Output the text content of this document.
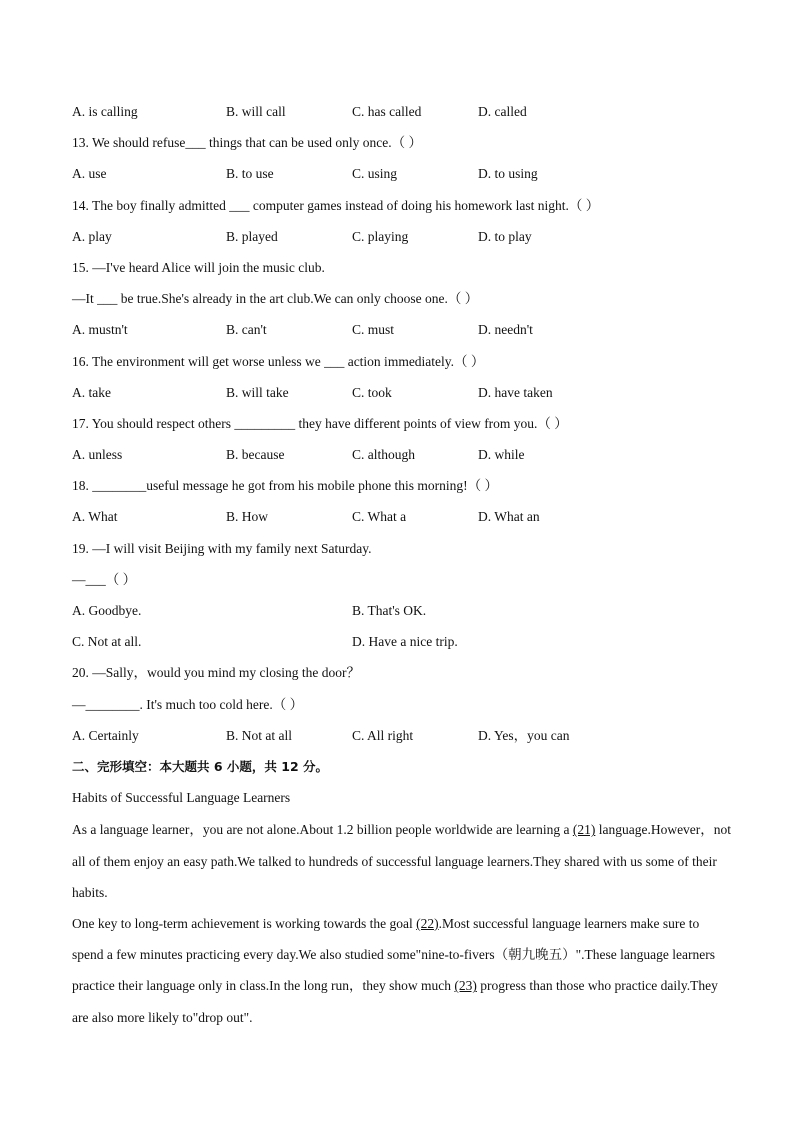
A. is calling	B. will call	C. has called	D. called
13. We should refuse___ things that can be used only once.（ ）
A. use	B. to use	C. using	D. to using
14. The boy finally admitted ___ computer games instead of doing his homework last night.（ ）
A. play	B. played	C. playing	D. to play
15. —I've heard Alice will join the music club.
—It ___ be true.She's already in the art club.We can only choose one.（ ）
A. mustn't	B. can't	C. must	D. needn't
16. The environment will get worse unless we ___ action immediately.（ ）
A. take	B. will take	C. took	D. have taken
17. You should respect others _________ they have different points of view from you.（ ）
A. unless	B. because	C. although	D. while
18. ________useful message he got from his mobile phone this morning!（ ）
A. What	B. How	C. What a	D. What an
19. —I will visit Beijing with my family next Saturday.
—___（ ）
A. Goodbye.	B. That's OK.
C. Not at all.	D. Have a nice trip.
20. —Sally，would you mind my closing the door？
—________. It's much too cold here.（ ）
A. Certainly	B. Not at all	C. All right	D. Yes，you can
二、完形填空：本大题共 6 小题，共 12 分。
Habits of Successful Language Learners
As a language learner，you are not alone.About 1.2 billion people worldwide are learning a (21) language.However，not all of them enjoy an easy path.We talked to hundreds of successful language learners.They shared with us some of their habits.
One key to long-term achievement is working towards the goal (22).Most successful language learners make sure to spend a few minutes practicing every day.We also studied some"nine-to-fivers（朝九晚五）".These language learners practice their language only in class.In the long run，they show much (23) progress than those who practice daily.They are also more likely to"drop out".
